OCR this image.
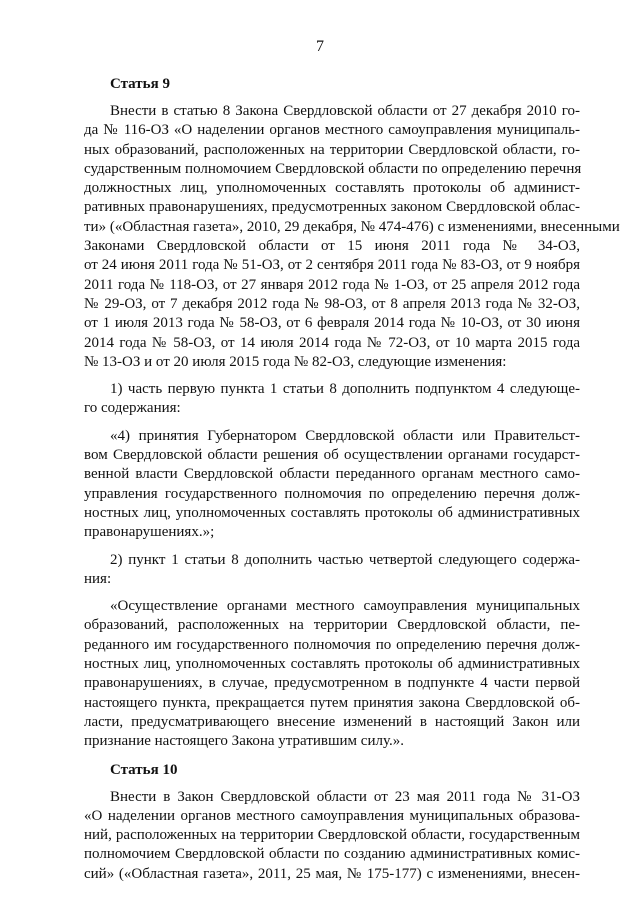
7
Статья 9
Внести в статью 8 Закона Свердловской области от 27 декабря 2010 го-
да № 116-ОЗ «О наделении органов местного самоуправления муниципаль-
ных образований, расположенных на территории Свердловской области, го-
сударственным полномочием Свердловской области по определению перечня
должностных лиц, уполномоченных составлять протоколы об админист-
ративных правонарушениях, предусмотренных законом Свердловской облас-
ти» («Областная газета», 2010, 29 декабря, № 474-476) с изменениями, внесенными
Законами Свердловской области от 15 июня 2011 года № 34-ОЗ,
от 24 июня 2011 года № 51-ОЗ, от 2 сентября 2011 года № 83-ОЗ, от 9 ноября
2011 года № 118-ОЗ, от 27 января 2012 года № 1-ОЗ, от 25 апреля 2012 года
№ 29-ОЗ, от 7 декабря 2012 года № 98-ОЗ, от 8 апреля 2013 года № 32-ОЗ,
от 1 июля 2013 года № 58-ОЗ, от 6 февраля 2014 года № 10-ОЗ, от 30 июня
2014 года № 58-ОЗ, от 14 июля 2014 года № 72-ОЗ, от 10 марта 2015 года
№ 13-ОЗ и от 20 июля 2015 года № 82-ОЗ, следующие изменения:
1) часть первую пункта 1 статьи 8 дополнить подпунктом 4 следующе-
го содержания:
«4) принятия Губернатором Свердловской области или Правительст-
вом Свердловской области решения об осуществлении органами государст-
венной власти Свердловской области переданного органам местного само-
управления государственного полномочия по определению перечня долж-
ностных лиц, уполномоченных составлять протоколы об административных
правонарушениях.»;
2) пункт 1 статьи 8 дополнить частью четвертой следующего содержа-
ния:
«Осуществление органами местного самоуправления муниципальных
образований, расположенных на территории Свердловской области, пе-
реданного им государственного полномочия по определению перечня долж-
ностных лиц, уполномоченных составлять протоколы об административных
правонарушениях, в случае, предусмотренном в подпункте 4 части первой
настоящего пункта, прекращается путем принятия закона Свердловской об-
ласти, предусматривающего внесение изменений в настоящий Закон или
признание настоящего Закона утратившим силу.».
Статья 10
Внести в Закон Свердловской области от 23 мая 2011 года № 31-ОЗ
«О наделении органов местного самоуправления муниципальных образова-
ний, расположенных на территории Свердловской области, государственным
полномочием Свердловской области по созданию административных комис-
сий» («Областная газета», 2011, 25 мая, № 175-177) с изменениями, внесен-
